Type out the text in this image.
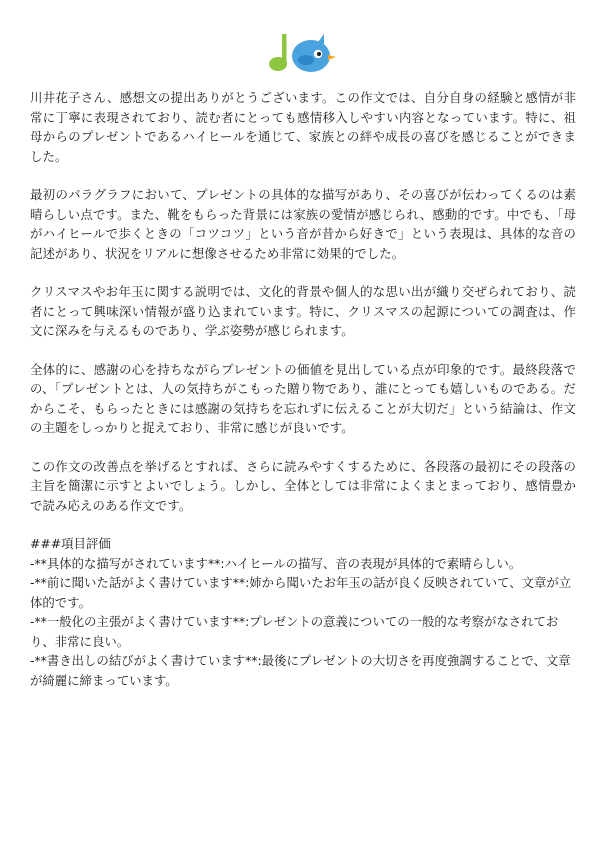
川井花子さん、感想文の提出ありがとうございます。この作文では、自分自身の経験と感情が非常に丁寧に表現されており、読む者にとっても感情移入しやすい内容となっています。特に、祖母からのプレゼントであるハイヒールを通じて、家族との絆や成長の喜びを感じることができました。

最初のパラグラフにおいて、プレゼントの具体的な描写があり、その喜びが伝わってくるのは素晴らしい点です。また、靴をもらった背景には家族の愛情が感じられ、感動的です。中でも、「母がハイヒールで歩くときの「コツコツ」という音が昔から好きで」という表現は、具体的な音の記述があり、状況をリアルに想像させるため非常に効果的でした。

クリスマスやお年玉に関する説明では、文化的背景や個人的な思い出が織り交ぜられており、読者にとって興味深い情報が盛り込まれています。特に、クリスマスの起源についての調査は、作文に深みを与えるものであり、学ぶ姿勢が感じられます。

全体的に、感謝の心を持ちながらプレゼントの価値を見出している点が印象的です。最終段落での、「プレゼントとは、人の気持ちがこもった贈り物であり、誰にとっても嬉しいものである。だからこそ、もらったときには感謝の気持ちを忘れずに伝えることが大切だ」という結論は、作文の主題をしっかりと捉えており、非常に感じが良いです。

この作文の改善点を挙げるとすれば、さらに読みやすくするために、各段落の最初にその段落の主旨を簡潔に示すとよいでしょう。しかし、全体としては非常によくまとまっており、感情豊かで読み応えのある作文です。

###項目評価

-**具体的な描写がされています**:ハイヒールの描写、音の表現が具体的で素晴らしい。

-**前に聞いた話がよく書けています**:姉から聞いたお年玉の話が良く反映されていて、文章が立体的です。

-**一般化の主張がよく書けています**:プレゼントの意義についての一般的な考察がなされており、非常に良い。

-**書き出しの結びがよく書けています**:最後にプレゼントの大切さを再度強調することで、文章が綺麗に締まっています。
